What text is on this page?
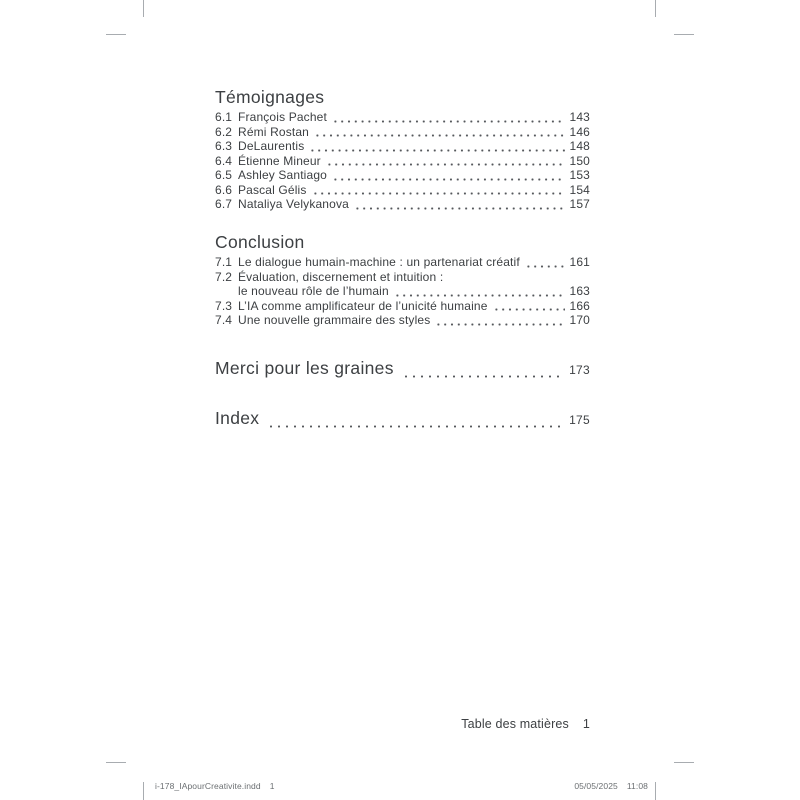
Témoignages
6.1 François Pachet	143
6.2 Rémi Rostan	146
6.3 DeLaurentis	148
6.4 Étienne Mineur	150
6.5 Ashley Santiago	153
6.6 Pascal Gélis	154
6.7 Nataliya Velykanova	157
Conclusion
7.1 Le dialogue humain-machine : un partenariat créatif	161
7.2 Évaluation, discernement et intuition :
le nouveau rôle de l’humain	163
7.3 L’IA comme amplificateur de l’unicité humaine	166
7.4 Une nouvelle grammaire des styles	170
Merci pour les graines	173
Index	175
Table des matières 1
i-178_IApourCreativite.indd 1	05/05/2025 11:08
